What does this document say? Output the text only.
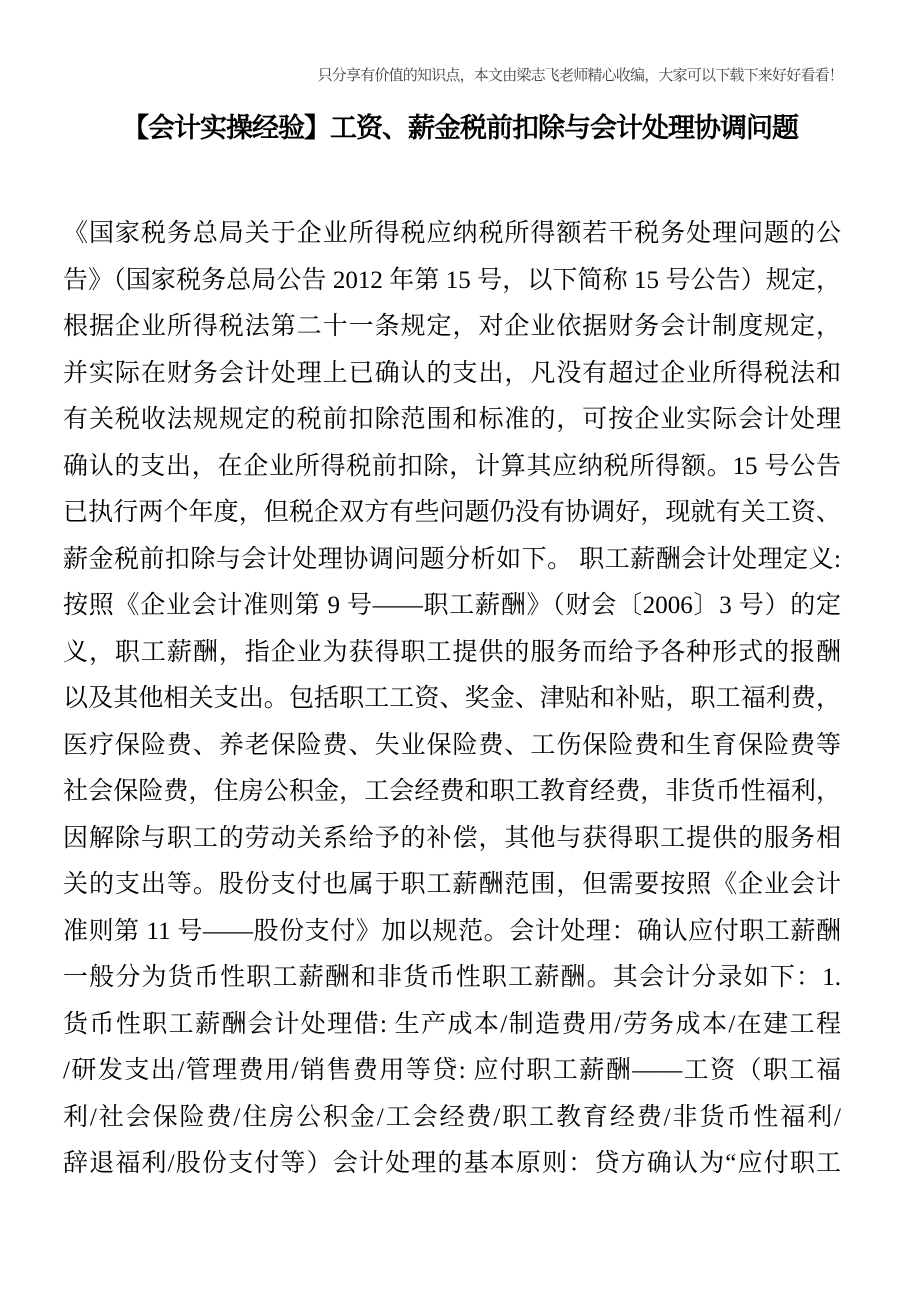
只分享有价值的知识点，本文由梁志飞老师精心收编，大家可以下载下来好好看看！
【会计实操经验】工资、薪金税前扣除与会计处理协调问题
《国家税务总局关于企业所得税应纳税所得额若干税务处理问题的公
告》（国家税务总局公告 2012 年第 15 号，以下简称 15 号公告）规定，
根据企业所得税法第二十一条规定，对企业依据财务会计制度规定，
并实际在财务会计处理上已确认的支出，凡没有超过企业所得税法和
有关税收法规规定的税前扣除范围和标准的，可按企业实际会计处理
确认的支出，在企业所得税前扣除，计算其应纳税所得额。15 号公告
已执行两个年度，但税企双方有些问题仍没有协调好，现就有关工资、
薪金税前扣除与会计处理协调问题分析如下。 职工薪酬会计处理定义:
按照《企业会计准则第 9 号——职工薪酬》（财会〔2006〕3 号）的定
义，职工薪酬，指企业为获得职工提供的服务而给予各种形式的报酬
以及其他相关支出。包括职工工资、奖金、津贴和补贴，职工福利费，
医疗保险费、养老保险费、失业保险费、工伤保险费和生育保险费等
社会保险费，住房公积金，工会经费和职工教育经费，非货币性福利，
因解除与职工的劳动关系给予的补偿，其他与获得职工提供的服务相
关的支出等。股份支付也属于职工薪酬范围，但需要按照《企业会计
准则第 11 号——股份支付》加以规范。会计处理：确认应付职工薪酬
一般分为货币性职工薪酬和非货币性职工薪酬。其会计分录如下：1.
货币性职工薪酬会计处理借: 生产成本/制造费用/劳务成本/在建工程
/研发支出/管理费用/销售费用等贷: 应付职工薪酬——工资（职工福
利/社会保险费/住房公积金/工会经费/职工教育经费/非货币性福利/
辞退福利/股份支付等）会计处理的基本原则：贷方确认为“应付职工
